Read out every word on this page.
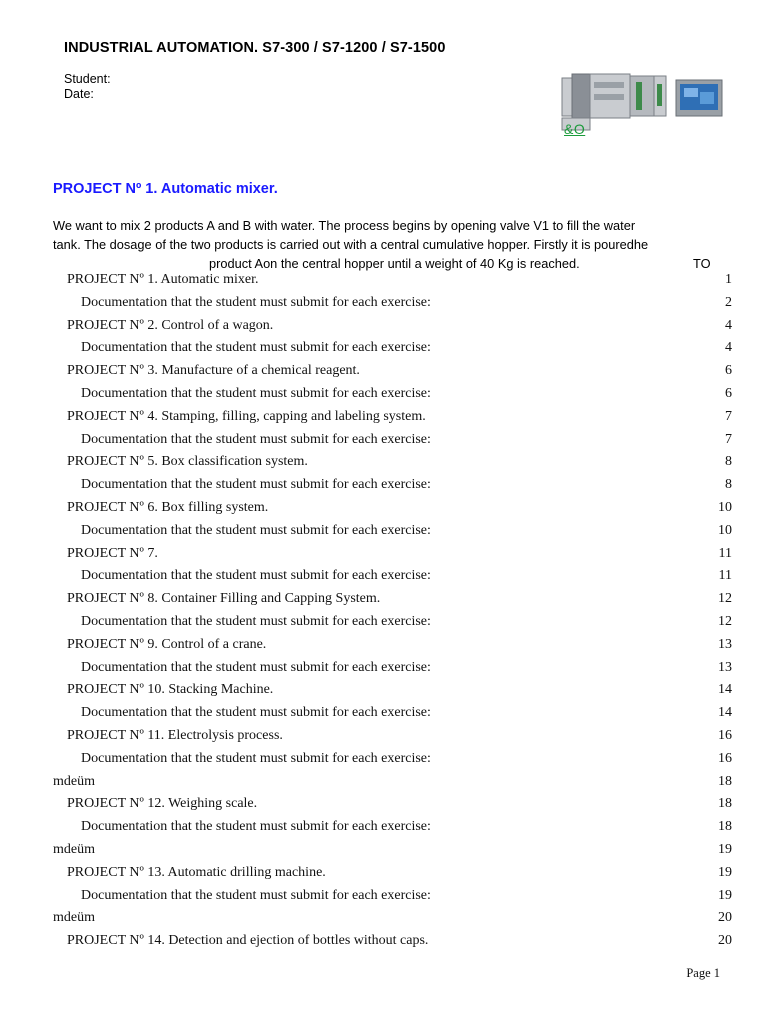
INDUSTRIAL AUTOMATION. S7-300 / S7-1200 / S7-1500
Student:
Date:
&O
PROJECT Nº 1. Automatic mixer.
We want to mix 2 products A and B with water. The process begins by opening valve V1 to fill the water
tank. The dosage of the two products is carried out with a central cumulative hopper. Firstly it is pouredhe
product Aon the central hopper until a weight of 40 Kg is reached.	TO
PROJECT Nº 1. Automatic mixer.	1
Documentation that the student must submit for each exercise:	2
PROJECT Nº 2. Control of a wagon.	4
Documentation that the student must submit for each exercise:	4
PROJECT Nº 3. Manufacture of a chemical reagent.	6
Documentation that the student must submit for each exercise:	6
PROJECT Nº 4. Stamping, filling, capping and labeling system.	7
Documentation that the student must submit for each exercise:	7
PROJECT Nº 5. Box classification system.	8
Documentation that the student must submit for each exercise:	8
PROJECT Nº 6. Box filling system.	10
Documentation that the student must submit for each exercise:	10
PROJECT Nº 7.	11
Documentation that the student must submit for each exercise:	11
PROJECT Nº 8. Container Filling and Capping System.	12
Documentation that the student must submit for each exercise:	12
PROJECT Nº 9. Control of a crane.	13
Documentation that the student must submit for each exercise:	13
PROJECT Nº 10. Stacking Machine.	14
Documentation that the student must submit for each exercise:	14
PROJECT Nº 11. Electrolysis process.	16
Documentation that the student must submit for each exercise:	16
mdeüm	18
PROJECT Nº 12. Weighing scale.	18
Documentation that the student must submit for each exercise:	18
mdeüm	19
PROJECT Nº 13. Automatic drilling machine.	19
Documentation that the student must submit for each exercise:	19
mdeüm	20
PROJECT Nº 14. Detection and ejection of bottles without caps.	20
Page 1
